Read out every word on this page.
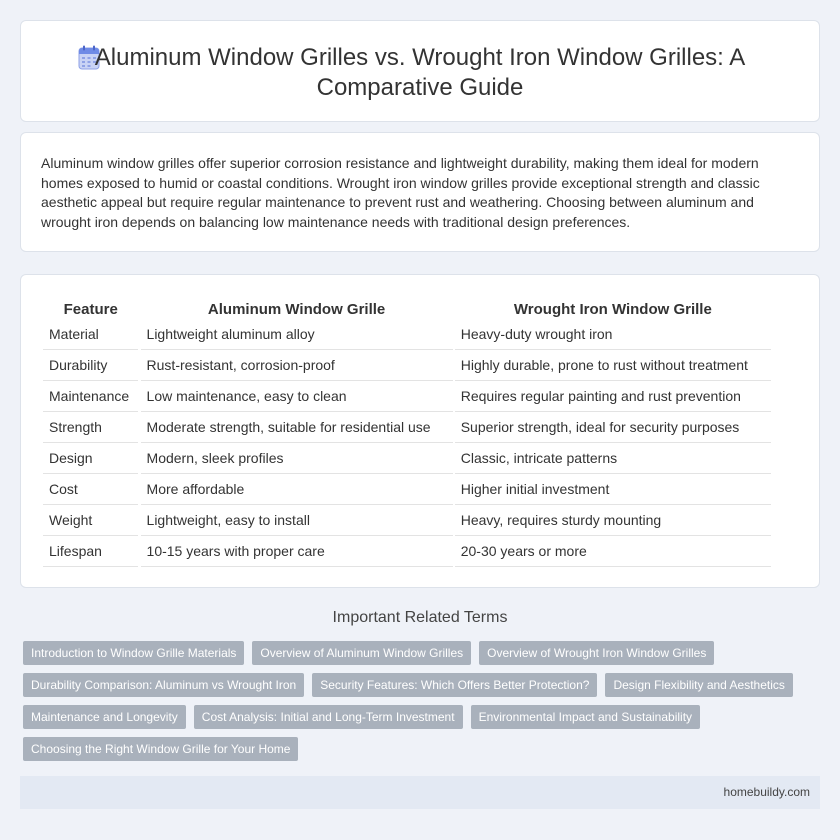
Aluminum Window Grilles vs. Wrought Iron Window Grilles: A
Comparative Guide

Aluminum window grilles offer superior corrosion resistance and lightweight durability, making them ideal for modern homes exposed to humid or coastal conditions. Wrought iron window grilles provide exceptional strength and classic aesthetic appeal but require regular maintenance to prevent rust and weathering. Choosing between aluminum and wrought iron depends on balancing low maintenance needs with traditional design preferences.

Feature		Aluminum Window Grille		Wrought Iron Window Grille
Material		Lightweight aluminum alloy		Heavy-duty wrought iron
Durability		Rust-resistant, corrosion-proof		Highly durable, prone to rust without treatment
Maintenance		Low maintenance, easy to clean		Requires regular painting and rust prevention
Strength		Moderate strength, suitable for residential use		Superior strength, ideal for security purposes
Design		Modern, sleek profiles		Classic, intricate patterns
Cost		More affordable		Higher initial investment
Weight		Lightweight, easy to install		Heavy, requires sturdy mounting
Lifespan		10-15 years with proper care		20-30 years or more
Important Related Terms
Introduction to Window Grille Materials	Overview of Aluminum Window Grilles	Overview of Wrought Iron Window Grilles
Durability Comparison: Aluminum vs Wrought Iron	Security Features: Which Offers Better Protection?	Design Flexibility and Aesthetics
Maintenance and Longevity	Cost Analysis: Initial and Long-Term Investment	Environmental Impact and Sustainability
Choosing the Right Window Grille for Your Home
homebuildy.com
